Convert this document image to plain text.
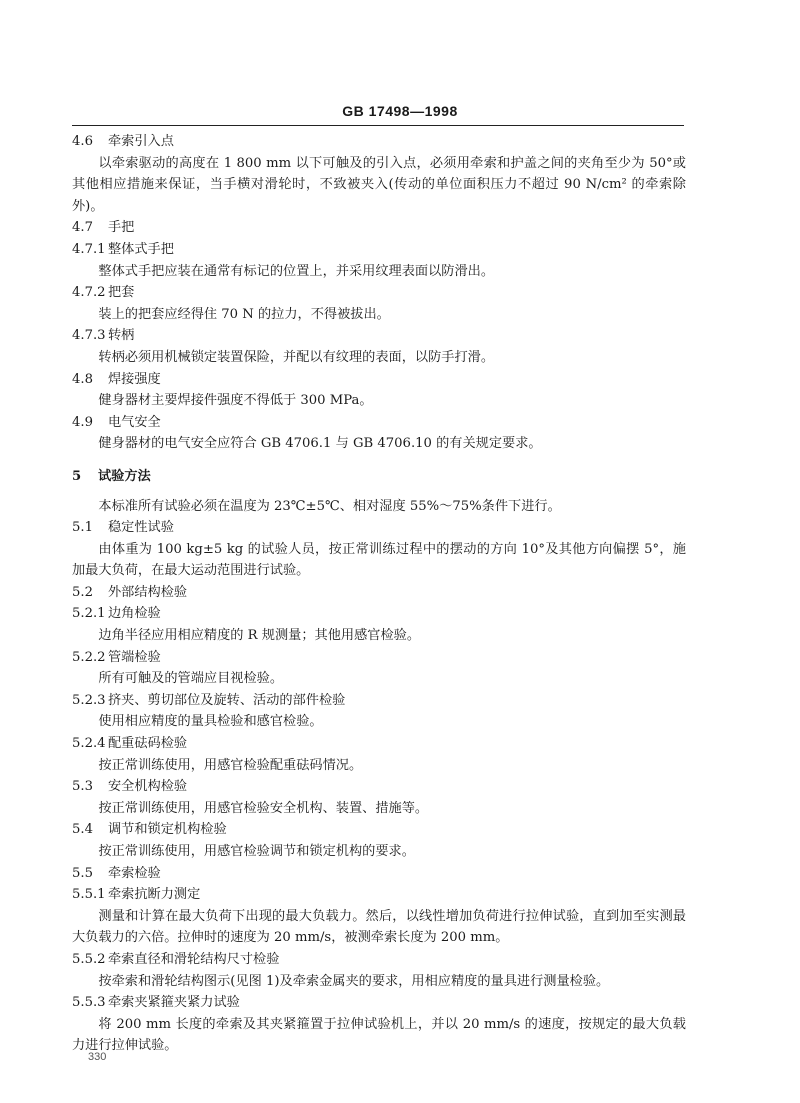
GB 17498—1998
4.6 牵索引入点

以牵索驱动的高度在 1 800 mm 以下可触及的引入点，必须用牵索和护盖之间的夹角至少为 50°或其他相应措施来保证，当手横对滑轮时，不致被夹入(传动的单位面积压力不超过 90 N/cm² 的牵索除外)。

4.7 手把
4.7.1 整体式手把

整体式手把应装在通常有标记的位置上，并采用纹理表面以防滑出。

4.7.2 把套

装上的把套应经得住 70 N 的拉力，不得被拔出。

4.7.3 转柄

转柄必须用机械锁定装置保险，并配以有纹理的表面，以防手打滑。

4.8 焊接强度

健身器材主要焊接件强度不得低于 300 MPa。

4.9 电气安全

健身器材的电气安全应符合 GB 4706.1 与 GB 4706.10 的有关规定要求。

5 试验方法

本标准所有试验必须在温度为 23℃±5℃、相对湿度 55%～75%条件下进行。

5.1 稳定性试验

由体重为 100 kg±5 kg 的试验人员，按正常训练过程中的摆动的方向 10°及其他方向偏摆 5°，施加最大负荷，在最大运动范围进行试验。

5.2 外部结构检验
5.2.1 边角检验

边角半径应用相应精度的 R 规测量；其他用感官检验。

5.2.2 管端检验

所有可触及的管端应目视检验。

5.2.3 挤夹、剪切部位及旋转、活动的部件检验

使用相应精度的量具检验和感官检验。

5.2.4 配重砝码检验

按正常训练使用，用感官检验配重砝码情况。

5.3 安全机构检验

按正常训练使用，用感官检验安全机构、装置、措施等。

5.4 调节和锁定机构检验

按正常训练使用，用感官检验调节和锁定机构的要求。

5.5 牵索检验
5.5.1 牵索抗断力测定

测量和计算在最大负荷下出现的最大负载力。然后，以线性增加负荷进行拉伸试验，直到加至实测最大负载力的六倍。拉伸时的速度为 20 mm/s，被测牵索长度为 200 mm。

5.5.2 牵索直径和滑轮结构尺寸检验

按牵索和滑轮结构图示(见图 1)及牵索金属夹的要求，用相应精度的量具进行测量检验。

5.5.3 牵索夹紧箍夹紧力试验

将 200 mm 长度的牵索及其夹紧箍置于拉伸试验机上，并以 20 mm/s 的速度，按规定的最大负载力进行拉伸试验。

330
